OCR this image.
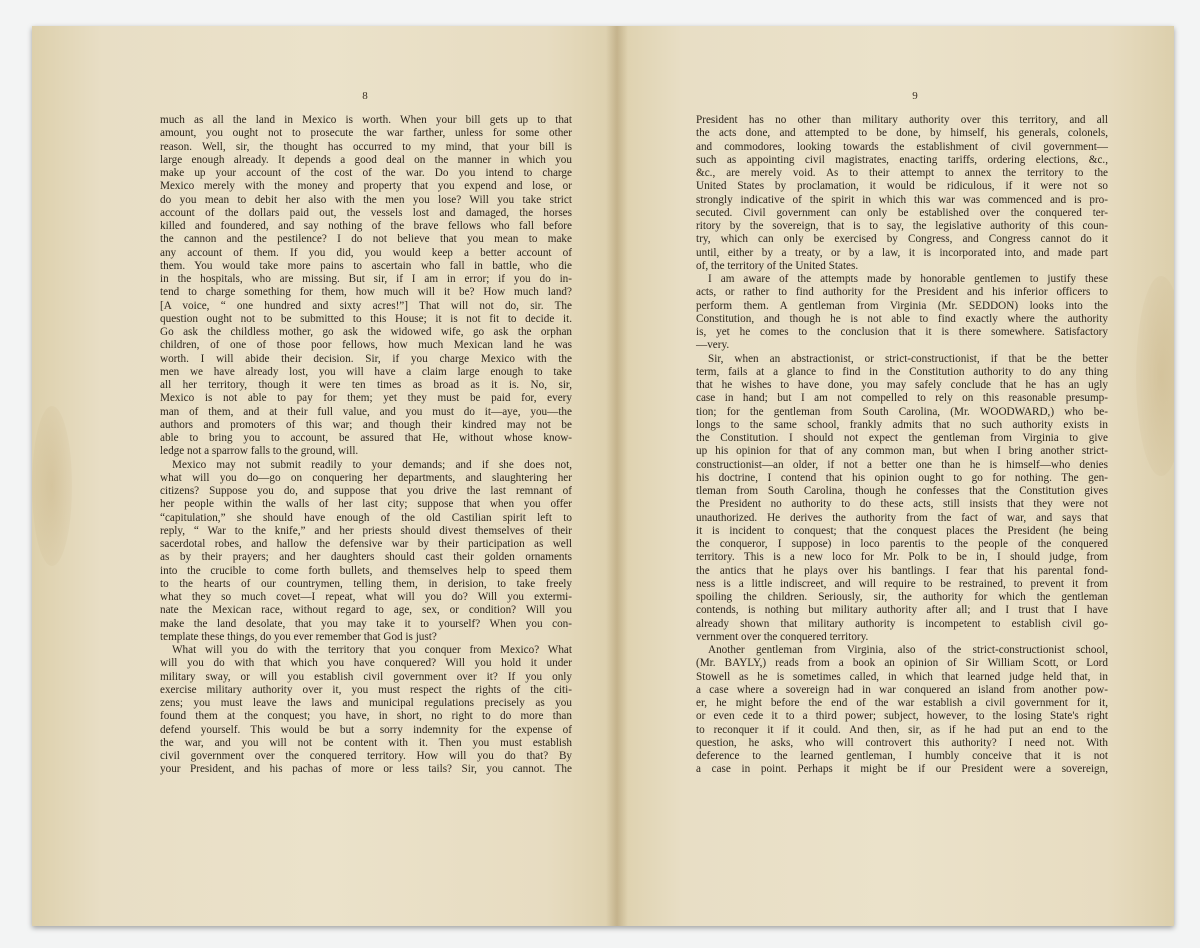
8
much as all the land in Mexico is worth. When your bill gets up to that
amount, you ought not to prosecute the war farther, unless for some other
reason. Well, sir, the thought has occurred to my mind, that your bill is
large enough already. It depends a good deal on the manner in which you
make up your account of the cost of the war. Do you intend to charge
Mexico merely with the money and property that you expend and lose, or
do you mean to debit her also with the men you lose? Will you take strict
account of the dollars paid out, the vessels lost and damaged, the horses
killed and foundered, and say nothing of the brave fellows who fall before
the cannon and the pestilence? I do not believe that you mean to make
any account of them. If you did, you would keep a better account of
them. You would take more pains to ascertain who fall in battle, who die
in the hospitals, who are missing. But sir, if I am in error; if you do in-
tend to charge something for them, how much will it be? How much land?
[A voice, “ one hundred and sixty acres!”] That will not do, sir. The
question ought not to be submitted to this House; it is not fit to decide it.
Go ask the childless mother, go ask the widowed wife, go ask the orphan
children, of one of those poor fellows, how much Mexican land he was
worth. I will abide their decision. Sir, if you charge Mexico with the
men we have already lost, you will have a claim large enough to take
all her territory, though it were ten times as broad as it is. No, sir,
Mexico is not able to pay for them; yet they must be paid for, every
man of them, and at their full value, and you must do it—aye, you—the
authors and promoters of this war; and though their kindred may not be
able to bring you to account, be assured that He, without whose know-
ledge not a sparrow falls to the ground, will.
Mexico may not submit readily to your demands; and if she does not,
what will you do—go on conquering her departments, and slaughtering her
citizens? Suppose you do, and suppose that you drive the last remnant of
her people within the walls of her last city; suppose that when you offer
“capitulation,” she should have enough of the old Castilian spirit left to
reply, “ War to the knife,” and her priests should divest themselves of their
sacerdotal robes, and hallow the defensive war by their participation as well
as by their prayers; and her daughters should cast their golden ornaments
into the crucible to come forth bullets, and themselves help to speed them
to the hearts of our countrymen, telling them, in derision, to take freely
what they so much covet—I repeat, what will you do? Will you extermi-
nate the Mexican race, without regard to age, sex, or condition? Will you
make the land desolate, that you may take it to yourself? When you con-
template these things, do you ever remember that God is just?
What will you do with the territory that you conquer from Mexico? What
will you do with that which you have conquered? Will you hold it under
military sway, or will you establish civil government over it? If you only
exercise military authority over it, you must respect the rights of the citi-
zens; you must leave the laws and municipal regulations precisely as you
found them at the conquest; you have, in short, no right to do more than
defend yourself. This would be but a sorry indemnity for the expense of
the war, and you will not be content with it. Then you must establish
civil government over the conquered territory. How will you do that? By
your President, and his pachas of more or less tails? Sir, you cannot. The
9
President has no other than military authority over this territory, and all
the acts done, and attempted to be done, by himself, his generals, colonels,
and commodores, looking towards the establishment of civil government—
such as appointing civil magistrates, enacting tariffs, ordering elections, &c.,
&c., are merely void. As to their attempt to annex the territory to the
United States by proclamation, it would be ridiculous, if it were not so
strongly indicative of the spirit in which this war was commenced and is pro-
secuted. Civil government can only be established over the conquered ter-
ritory by the sovereign, that is to say, the legislative authority of this coun-
try, which can only be exercised by Congress, and Congress cannot do it
until, either by a treaty, or by a law, it is incorporated into, and made part
of, the territory of the United States.
I am aware of the attempts made by honorable gentlemen to justify these
acts, or rather to find authority for the President and his inferior officers to
perform them. A gentleman from Virginia (Mr. SEDDON) looks into the
Constitution, and though he is not able to find exactly where the authority
is, yet he comes to the conclusion that it is there somewhere. Satisfactory
—very.
Sir, when an abstractionist, or strict-constructionist, if that be the better
term, fails at a glance to find in the Constitution authority to do any thing
that he wishes to have done, you may safely conclude that he has an ugly
case in hand; but I am not compelled to rely on this reasonable presump-
tion; for the gentleman from South Carolina, (Mr. WOODWARD,) who be-
longs to the same school, frankly admits that no such authority exists in
the Constitution. I should not expect the gentleman from Virginia to give
up his opinion for that of any common man, but when I bring another strict-
constructionist—an older, if not a better one than he is himself—who denies
his doctrine, I contend that his opinion ought to go for nothing. The gen-
tleman from South Carolina, though he confesses that the Constitution gives
the President no authority to do these acts, still insists that they were not
unauthorized. He derives the authority from the fact of war, and says that
it is incident to conquest; that the conquest places the President (he being
the conqueror, I suppose) in loco parentis to the people of the conquered
territory. This is a new loco for Mr. Polk to be in, I should judge, from
the antics that he plays over his bantlings. I fear that his parental fond-
ness is a little indiscreet, and will require to be restrained, to prevent it from
spoiling the children. Seriously, sir, the authority for which the gentleman
contends, is nothing but military authority after all; and I trust that I have
already shown that military authority is incompetent to establish civil go-
vernment over the conquered territory.
Another gentleman from Virginia, also of the strict-constructionist school,
(Mr. BAYLY,) reads from a book an opinion of Sir William Scott, or Lord
Stowell as he is sometimes called, in which that learned judge held that, in
a case where a sovereign had in war conquered an island from another pow-
er, he might before the end of the war establish a civil government for it,
or even cede it to a third power; subject, however, to the losing State's right
to reconquer it if it could. And then, sir, as if he had put an end to the
question, he asks, who will controvert this authority? I need not. With
deference to the learned gentleman, I humbly conceive that it is not
a case in point. Perhaps it might be if our President were a sovereign,
